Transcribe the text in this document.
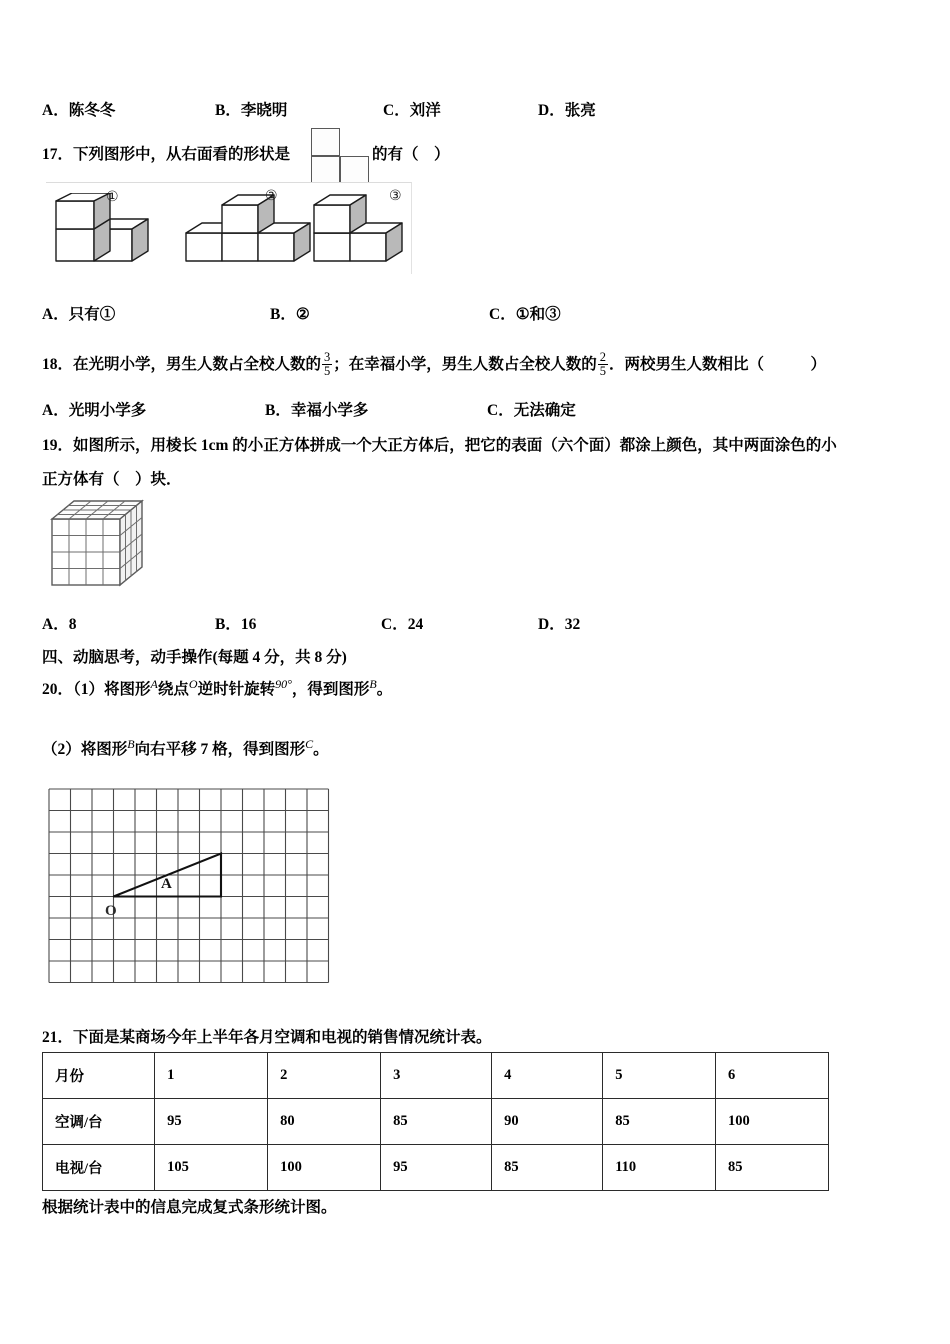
A．陈冬冬	B．李晓明	C．刘洋	D．张亮
17．下列图形中，从右面看的形状是	的有（　）
①	②	③
A．只有①	B．②	C．①和③
18．在光明小学，男生人数占全校人数的 $\frac{3}{5}$ ；在幸福小学，男生人数占全校人数的 $\frac{2}{5}$ ．两校男生人数相比（　　　）
A．光明小学多	B．幸福小学多	C．无法确定
19．如图所示，用棱长 1cm 的小正方体拼成一个大正方体后，把它的表面（六个面）都涂上颜色，其中两面涂色的小
正方体有（　）块．
A．8	B．16	C．24	D．32
四、动脑思考，动手操作(每题 4 分，共 8 分)
20．（1）将图形$^A$绕点$^O$逆时针旋转$^{90^\circ}$，得到图形$^B$。
（2）将图形$^B$向右平移 7 格，得到图形$^C$。
A
O
21．下面是某商场今年上半年各月空调和电视的销售情况统计表。
月份	1	2	3	4	5	6
空调/台	95	80	85	90	85	100
电视/台	105	100	95	85	110	85
根据统计表中的信息完成复式条形统计图。
